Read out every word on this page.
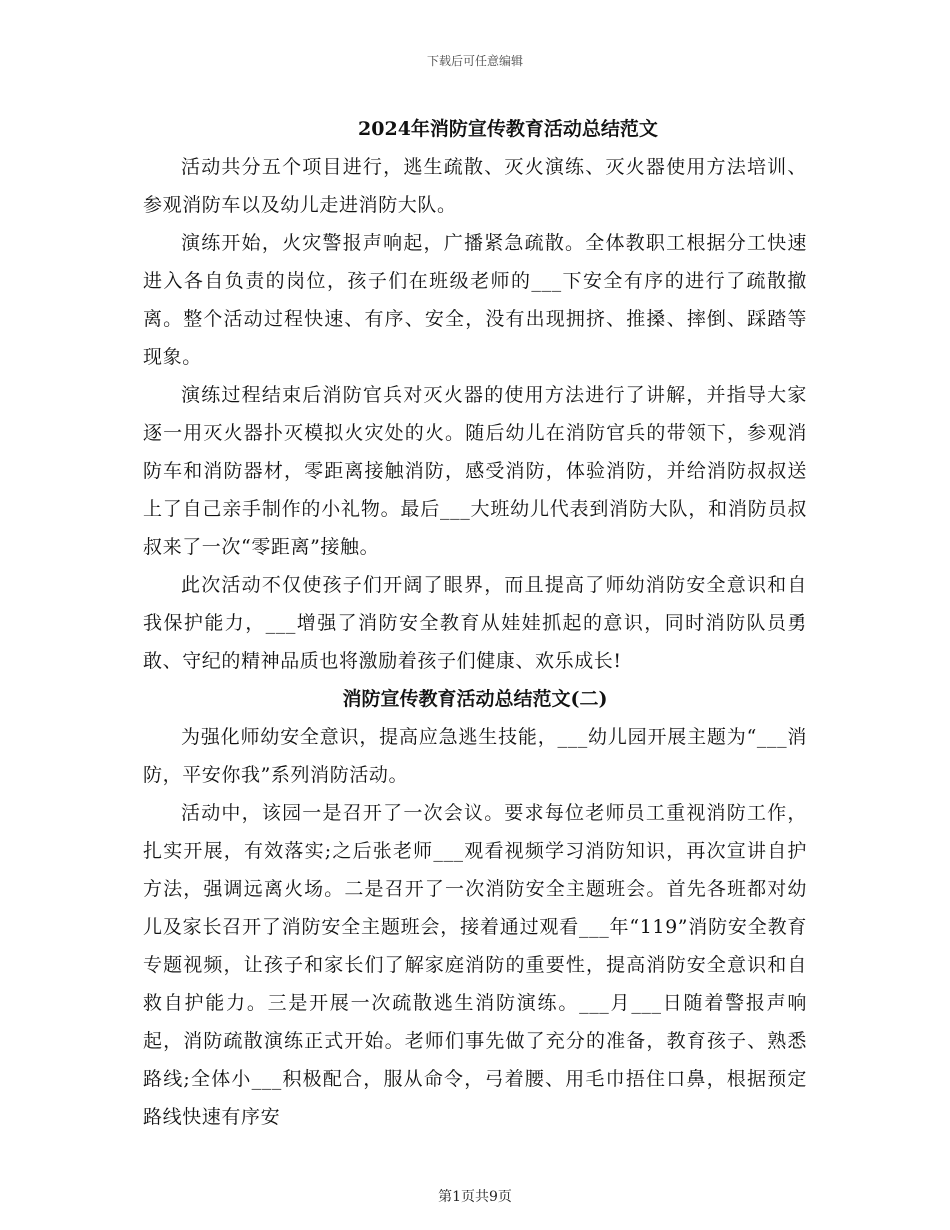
下载后可任意编辑
2024年消防宣传教育活动总结范文

活动共分五个项目进行，逃生疏散、灭火演练、灭火器使用方法培训、参观消防车以及幼儿走进消防大队。

演练开始，火灾警报声响起，广播紧急疏散。全体教职工根据分工快速进入各自负责的岗位，孩子们在班级老师的___下安全有序的进行了疏散撤离。整个活动过程快速、有序、安全，没有出现拥挤、推搡、摔倒、踩踏等现象。

演练过程结束后消防官兵对灭火器的使用方法进行了讲解，并指导大家逐一用灭火器扑灭模拟火灾处的火。随后幼儿在消防官兵的带领下，参观消防车和消防器材，零距离接触消防，感受消防，体验消防，并给消防叔叔送上了自己亲手制作的小礼物。最后___大班幼儿代表到消防大队，和消防员叔叔来了一次“零距离”接触。

此次活动不仅使孩子们开阔了眼界，而且提高了师幼消防安全意识和自我保护能力，___增强了消防安全教育从娃娃抓起的意识，同时消防队员勇敢、守纪的精神品质也将激励着孩子们健康、欢乐成长!

消防宣传教育活动总结范文(二)

为强化师幼安全意识，提高应急逃生技能，___幼儿园开展主题为“___消防，平安你我”系列消防活动。

活动中，该园一是召开了一次会议。要求每位老师员工重视消防工作，扎实开展，有效落实;之后张老师___观看视频学习消防知识，再次宣讲自护方法，强调远离火场。二是召开了一次消防安全主题班会。首先各班都对幼儿及家长召开了消防安全主题班会，接着通过观看___年“119”消防安全教育专题视频，让孩子和家长们了解家庭消防的重要性，提高消防安全意识和自救自护能力。三是开展一次疏散逃生消防演练。___月___日随着警报声响起，消防疏散演练正式开始。老师们事先做了充分的准备，教育孩子、熟悉路线;全体小___积极配合，服从命令，弓着腰、用毛巾捂住口鼻，根据预定路线快速有序安

第1页共9页
